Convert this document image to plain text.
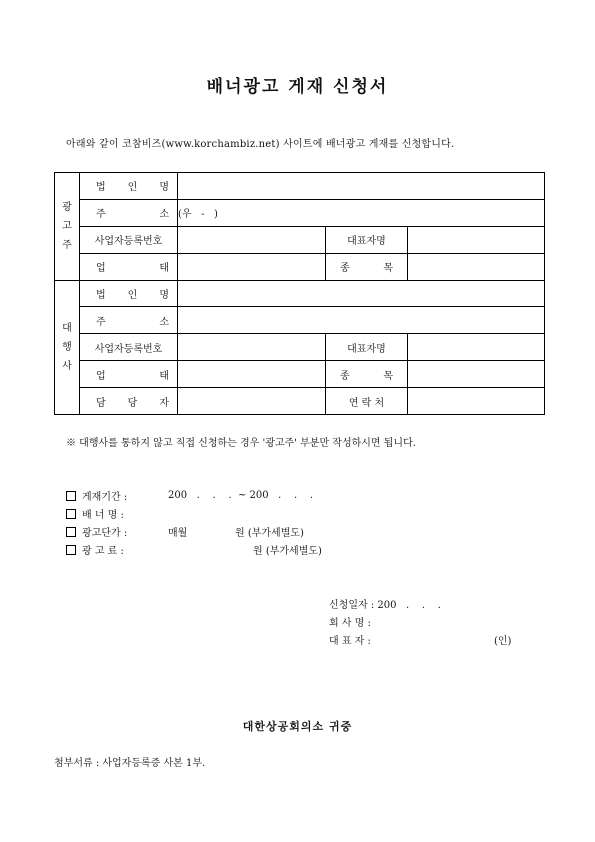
배너광고 게재 신청서
아래와 같이 코참비즈(www.korchambiz.net) 사이트에 배너광고 게재를 신청합니다.
광
고
주	법 인 명			

	주 소	(우   -   )		
	사업자등록번호		대표자명	

	업 태		종 목	

대
행
사	법 인 명			

	주 소			

	사업자등록번호		대표자명	

	업 태		종 목	

	담 당 자		연 락 처	
※ 대행사를 통하지 않고 직접 신청하는 경우 '광고주' 부분만 작성하시면 됩니다.
게재기간 :	200   .    .    .  ~ 200   .    .    .
배 너 명 :
광고단가 :	매월               원 (부가세별도)
광 고 료 :	원 (부가세별도)
신청일자 : 200   .    .    .
회 사 명 :
대 표 자 :	(인)
대한상공회의소 귀중
첨부서류 : 사업자등록증 사본 1부.
